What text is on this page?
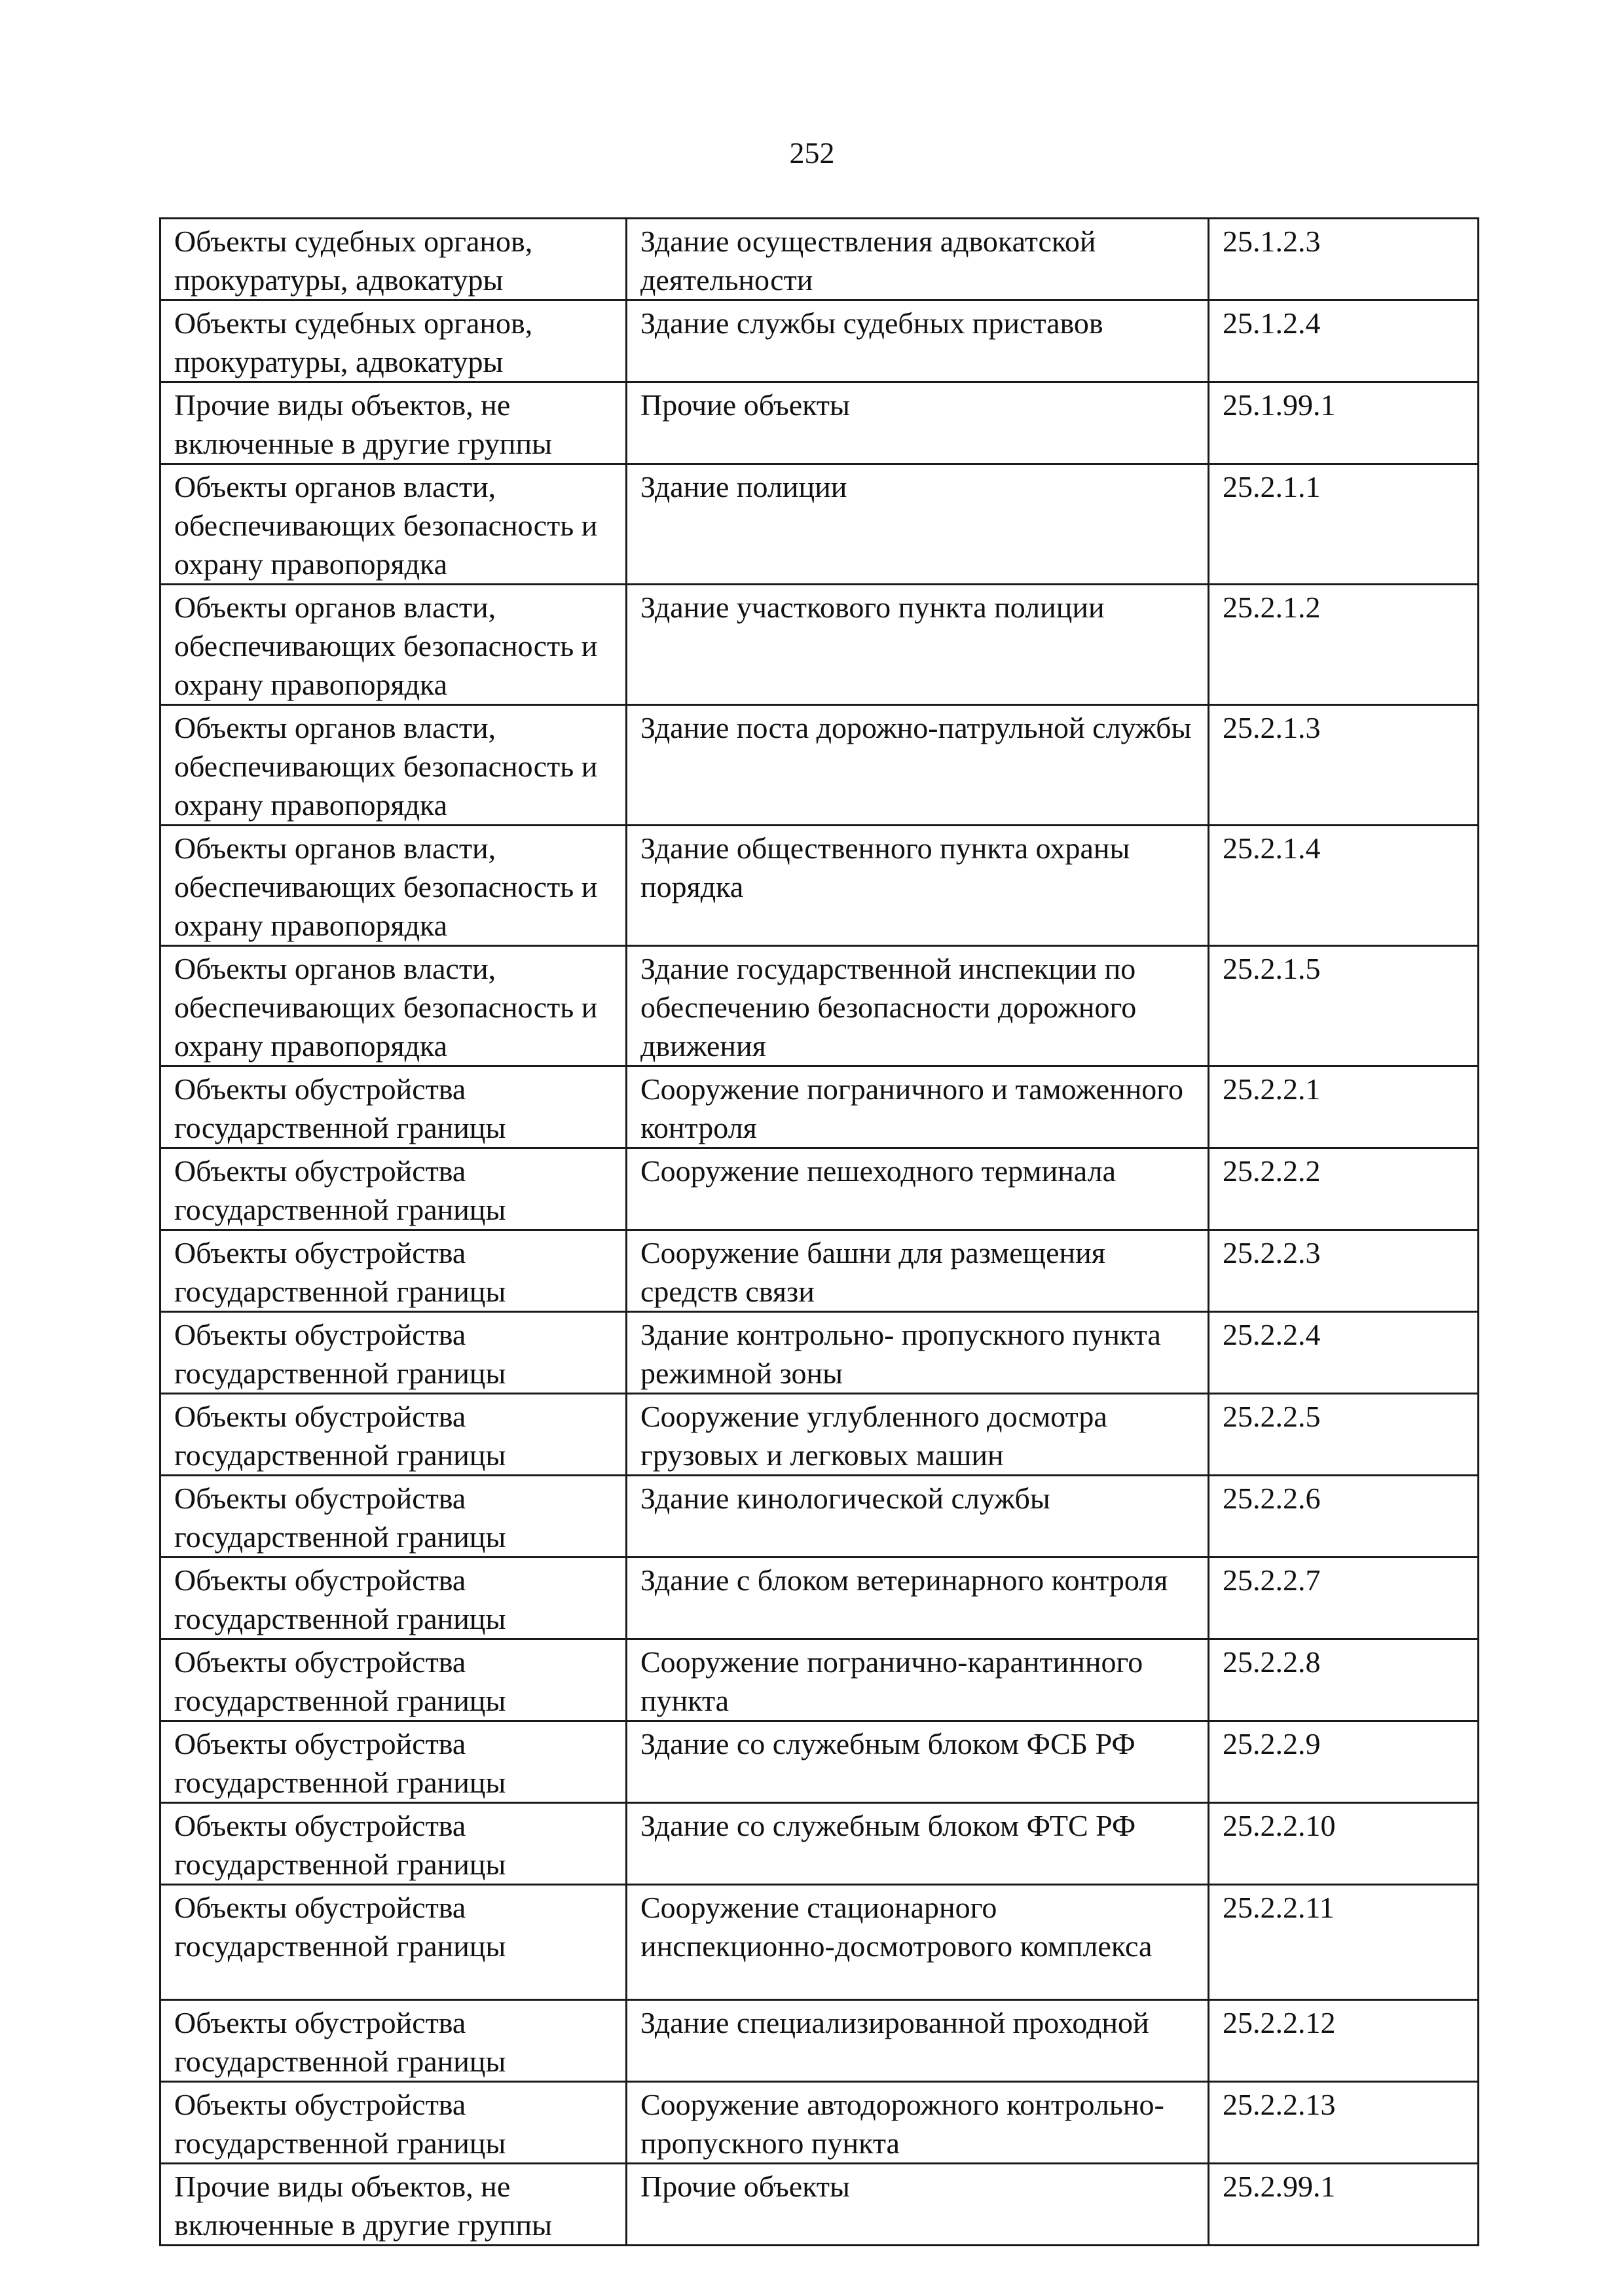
252
Объекты судебных органов, прокуратуры, адвокатуры	Здание осуществления адвокатской деятельности	25.1.2.3
Объекты судебных органов, прокуратуры, адвокатуры	Здание службы судебных приставов	25.1.2.4
Прочие виды объектов, не включенные в другие группы	Прочие объекты	25.1.99.1
Объекты органов власти, обеспечивающих безопасность и охрану правопорядка	Здание полиции	25.2.1.1
Объекты органов власти, обеспечивающих безопасность и охрану правопорядка	Здание участкового пункта полиции	25.2.1.2
Объекты органов власти, обеспечивающих безопасность и охрану правопорядка	Здание поста дорожно-патрульной службы	25.2.1.3
Объекты органов власти, обеспечивающих безопасность и охрану правопорядка	Здание общественного пункта охраны порядка	25.2.1.4
Объекты органов власти, обеспечивающих безопасность и охрану правопорядка	Здание государственной инспекции по обеспечению безопасности дорожного движения	25.2.1.5
Объекты обустройства государственной границы	Сооружение пограничного и таможенного контроля	25.2.2.1
Объекты обустройства государственной границы	Сооружение пешеходного терминала	25.2.2.2
Объекты обустройства государственной границы	Сооружение башни для размещения средств связи	25.2.2.3
Объекты обустройства государственной границы	Здание контрольно- пропускного пункта режимной зоны	25.2.2.4
Объекты обустройства государственной границы	Сооружение углубленного досмотра грузовых и легковых машин	25.2.2.5
Объекты обустройства государственной границы	Здание кинологической службы	25.2.2.6
Объекты обустройства государственной границы	Здание с блоком ветеринарного контроля	25.2.2.7
Объекты обустройства государственной границы	Сооружение погранично-карантинного пункта	25.2.2.8
Объекты обустройства государственной границы	Здание со служебным блоком ФСБ РФ	25.2.2.9
Объекты обустройства государственной границы	Здание со служебным блоком ФТС РФ	25.2.2.10
Объекты обустройства государственной границы	Сооружение стационарного инспекционно-досмотрового комплекса	25.2.2.11
Объекты обустройства государственной границы	Здание специализированной проходной	25.2.2.12
Объекты обустройства государственной границы	Сооружение автодорожного контрольно-пропускного пункта	25.2.2.13
Прочие виды объектов, не включенные в другие группы	Прочие объекты	25.2.99.1
